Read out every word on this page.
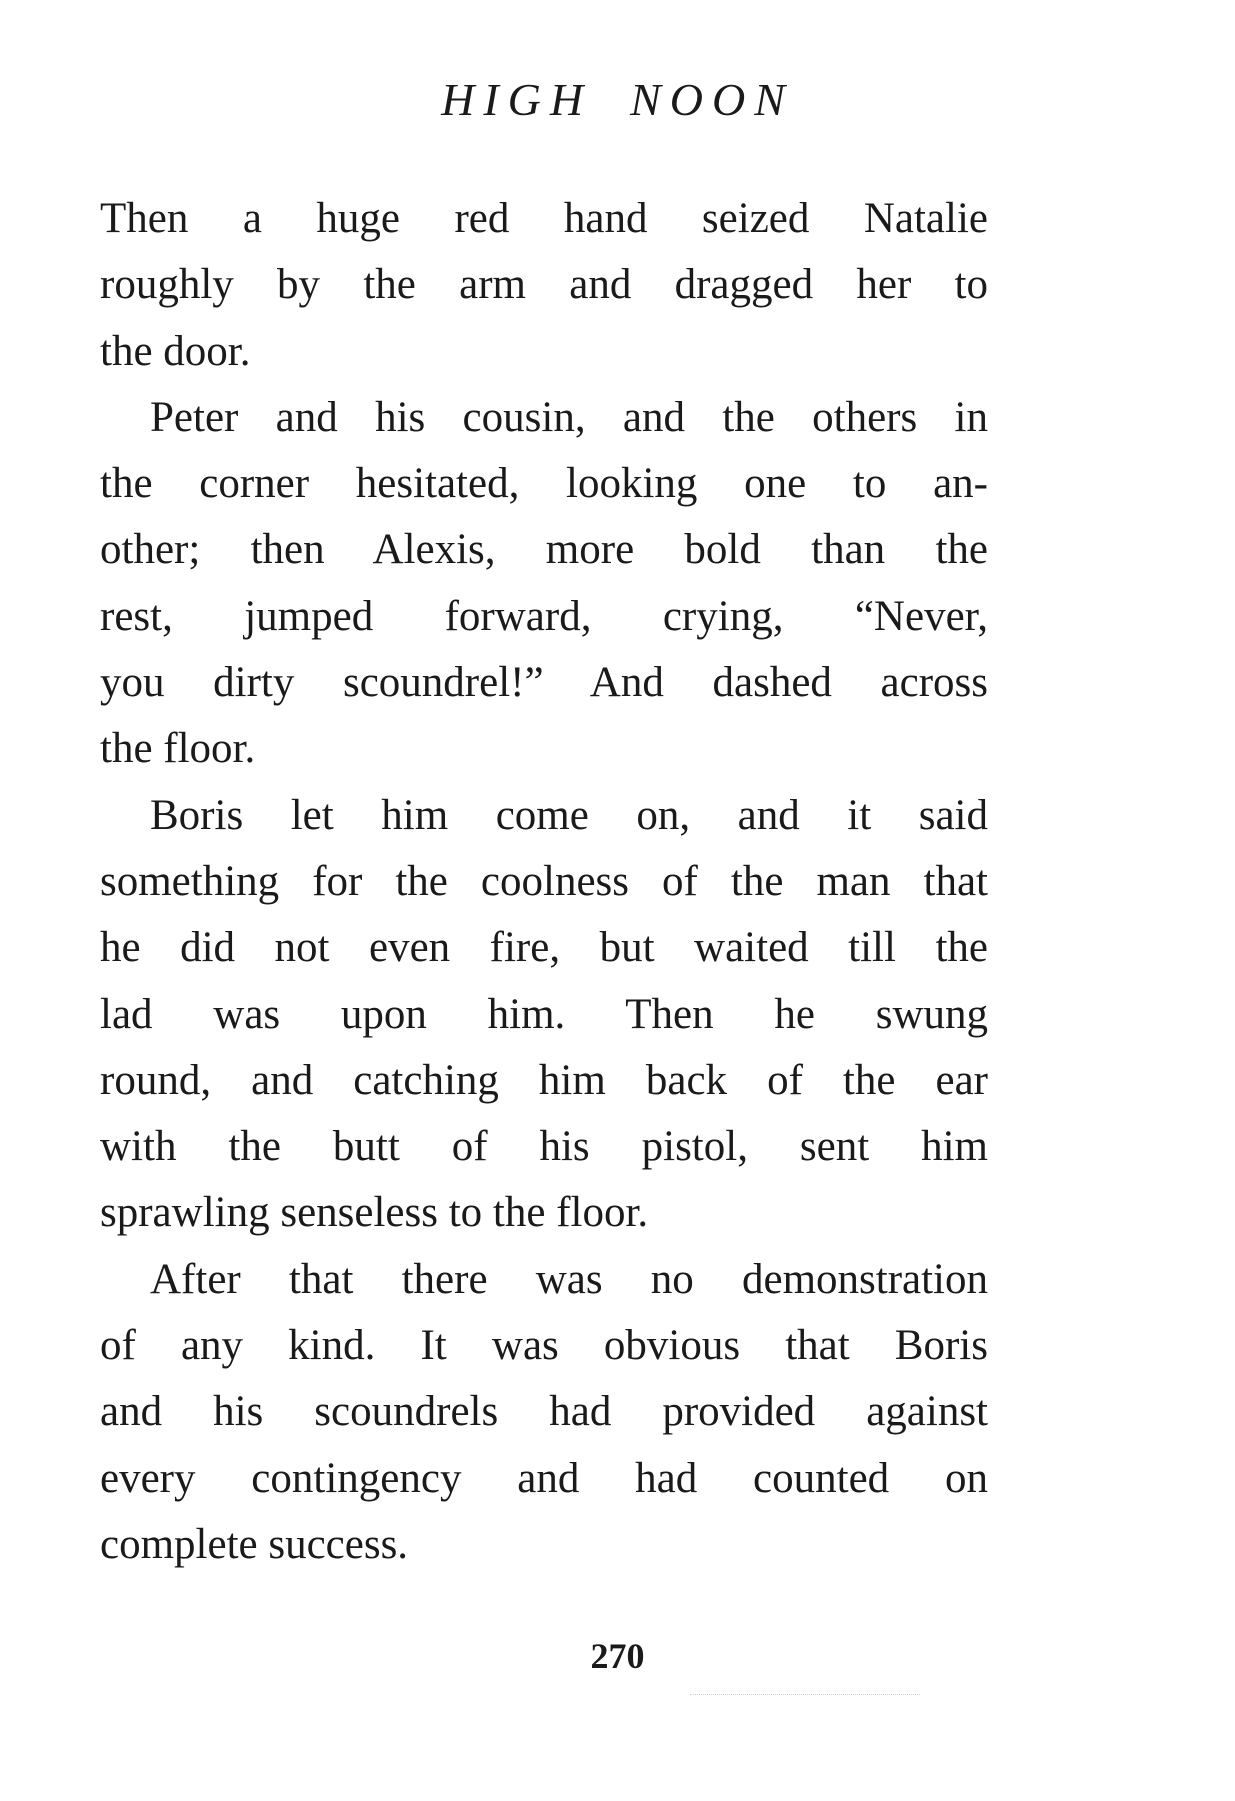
HIGH NOON
Then a huge red hand seized Natalie
roughly by the arm and dragged her to
the door.
Peter and his cousin, and the others in
the corner hesitated, looking one to an-
other; then Alexis, more bold than the
rest, jumped forward, crying, “Never,
you dirty scoundrel!” And dashed across
the floor.
Boris let him come on, and it said
something for the coolness of the man that
he did not even fire, but waited till the
lad was upon him. Then he swung
round, and catching him back of the ear
with the butt of his pistol, sent him
sprawling senseless to the floor.
After that there was no demonstration
of any kind. It was obvious that Boris
and his scoundrels had provided against
every contingency and had counted on
complete success.
270
